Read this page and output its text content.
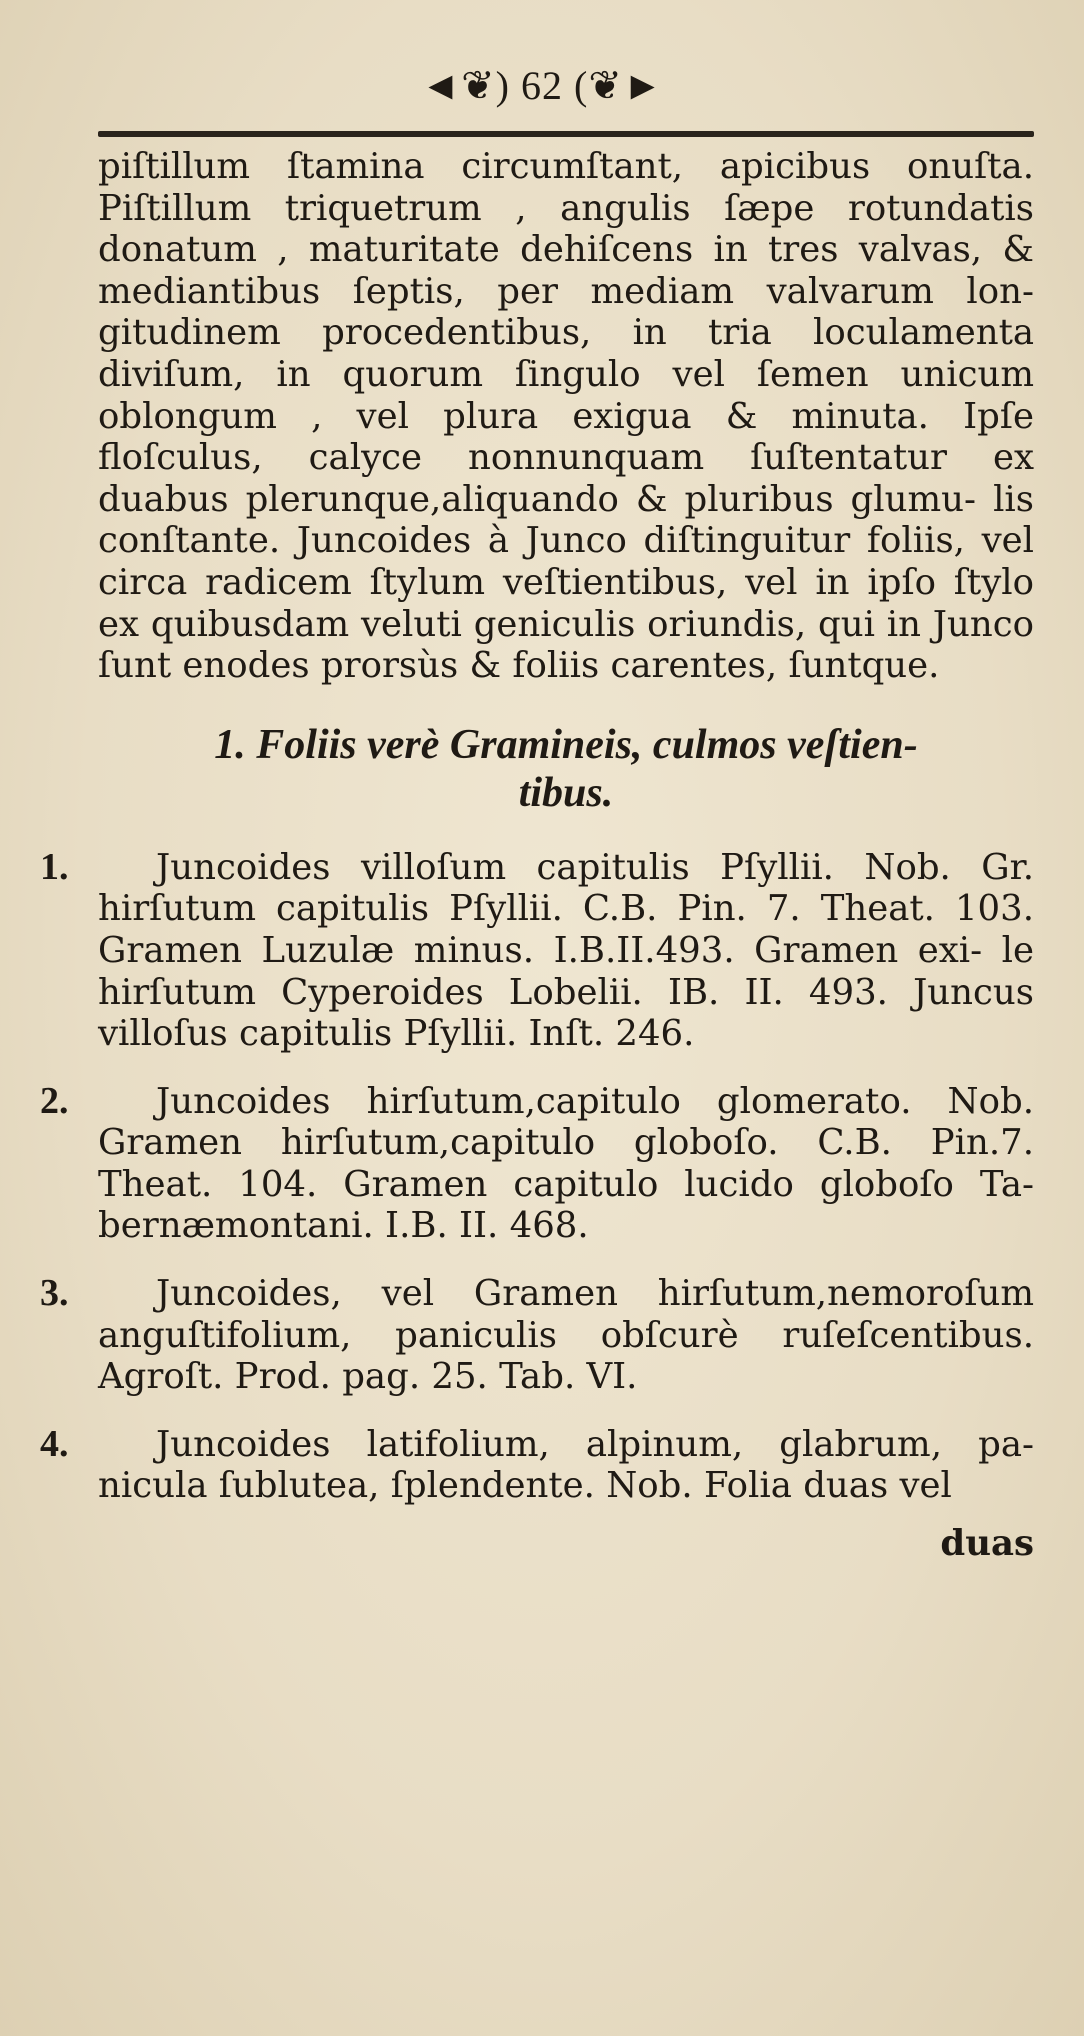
◄❦) 62 (❦►

piſtillum ſtamina circumſtant, apicibus onuſta. Piſtillum triquetrum , angulis ſæpe rotundatis donatum , maturitate dehiſcens in tres valvas, & mediantibus ſeptis, per mediam valvarum lon- gitudinem procedentibus, in tria loculamenta diviſum, in quorum ſingulo vel ſemen unicum oblongum , vel plura exigua & minuta. Ipſe floſculus, calyce nonnunquam ſuſtentatur ex duabus plerunque,aliquando & pluribus glumu- lis conſtante. Juncoides à Junco diſtinguitur foliis, vel circa radicem ſtylum veſtientibus, vel in ipſo ſtylo ex quibusdam veluti geniculis oriundis, qui in Junco ſunt enodes prorsùs & foliis carentes, ſuntque.

1. Foliis verè Gramineis, culmos veſtien-
tibus.
1.	Juncoides villoſum capitulis Pſyllii. Nob. Gr. hirſutum capitulis Pſyllii. C.B. Pin. 7. Theat. 103. Gramen Luzulæ minus. I.B.II.493. Gramen exi- le hirſutum Cyperoides Lobelii. IB. II. 493. Juncus villoſus capitulis Pſyllii. Inſt. 246.
2.	Juncoides hirſutum,capitulo glomerato. Nob. Gramen hirſutum,capitulo globoſo. C.B. Pin.7. Theat. 104. Gramen capitulo lucido globoſo Ta- bernæmontani. I.B. II. 468.
3.	Juncoides, vel Gramen hirſutum,nemoroſum anguſtifolium, paniculis obſcurè ruſeſcentibus. Agroſt. Prod. pag. 25. Tab. VI.
4.	Juncoides latifolium, alpinum, glabrum, pa- nicula ſublutea, ſplendente. Nob. Folia duas vel
duas
